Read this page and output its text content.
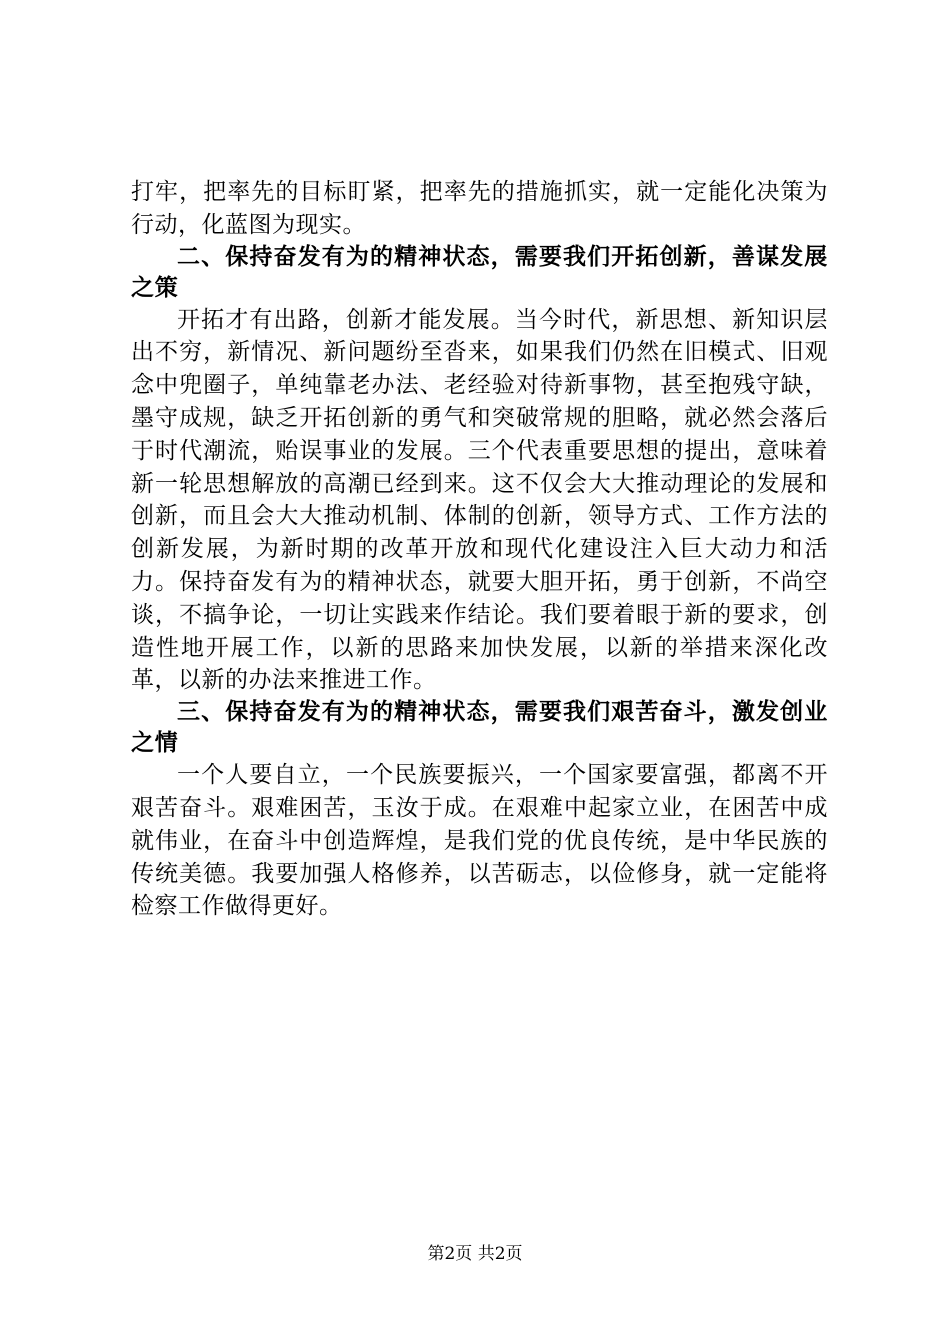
打牢，把率先的目标盯紧，把率先的措施抓实，就一定能化决策为行动，化蓝图为现实。

二、保持奋发有为的精神状态，需要我们开拓创新，善谋发展之策

开拓才有出路，创新才能发展。当今时代，新思想、新知识层出不穷，新情况、新问题纷至沓来，如果我们仍然在旧模式、旧观念中兜圈子，单纯靠老办法、老经验对待新事物，甚至抱残守缺，墨守成规，缺乏开拓创新的勇气和突破常规的胆略，就必然会落后于时代潮流，贻误事业的发展。三个代表重要思想的提出，意味着新一轮思想解放的高潮已经到来。这不仅会大大推动理论的发展和创新，而且会大大推动机制、体制的创新，领导方式、工作方法的创新发展，为新时期的改革开放和现代化建设注入巨大动力和活力。保持奋发有为的精神状态，就要大胆开拓，勇于创新，不尚空谈，不搞争论，一切让实践来作结论。我们要着眼于新的要求，创造性地开展工作，以新的思路来加快发展，以新的举措来深化改革，以新的办法来推进工作。

三、保持奋发有为的精神状态，需要我们艰苦奋斗，激发创业之情

一个人要自立，一个民族要振兴，一个国家要富强，都离不开艰苦奋斗。艰难困苦，玉汝于成。在艰难中起家立业，在困苦中成就伟业，在奋斗中创造辉煌，是我们党的优良传统，是中华民族的传统美德。我要加强人格修养，以苦砺志，以俭修身，就一定能将检察工作做得更好。

第2页 共2页
